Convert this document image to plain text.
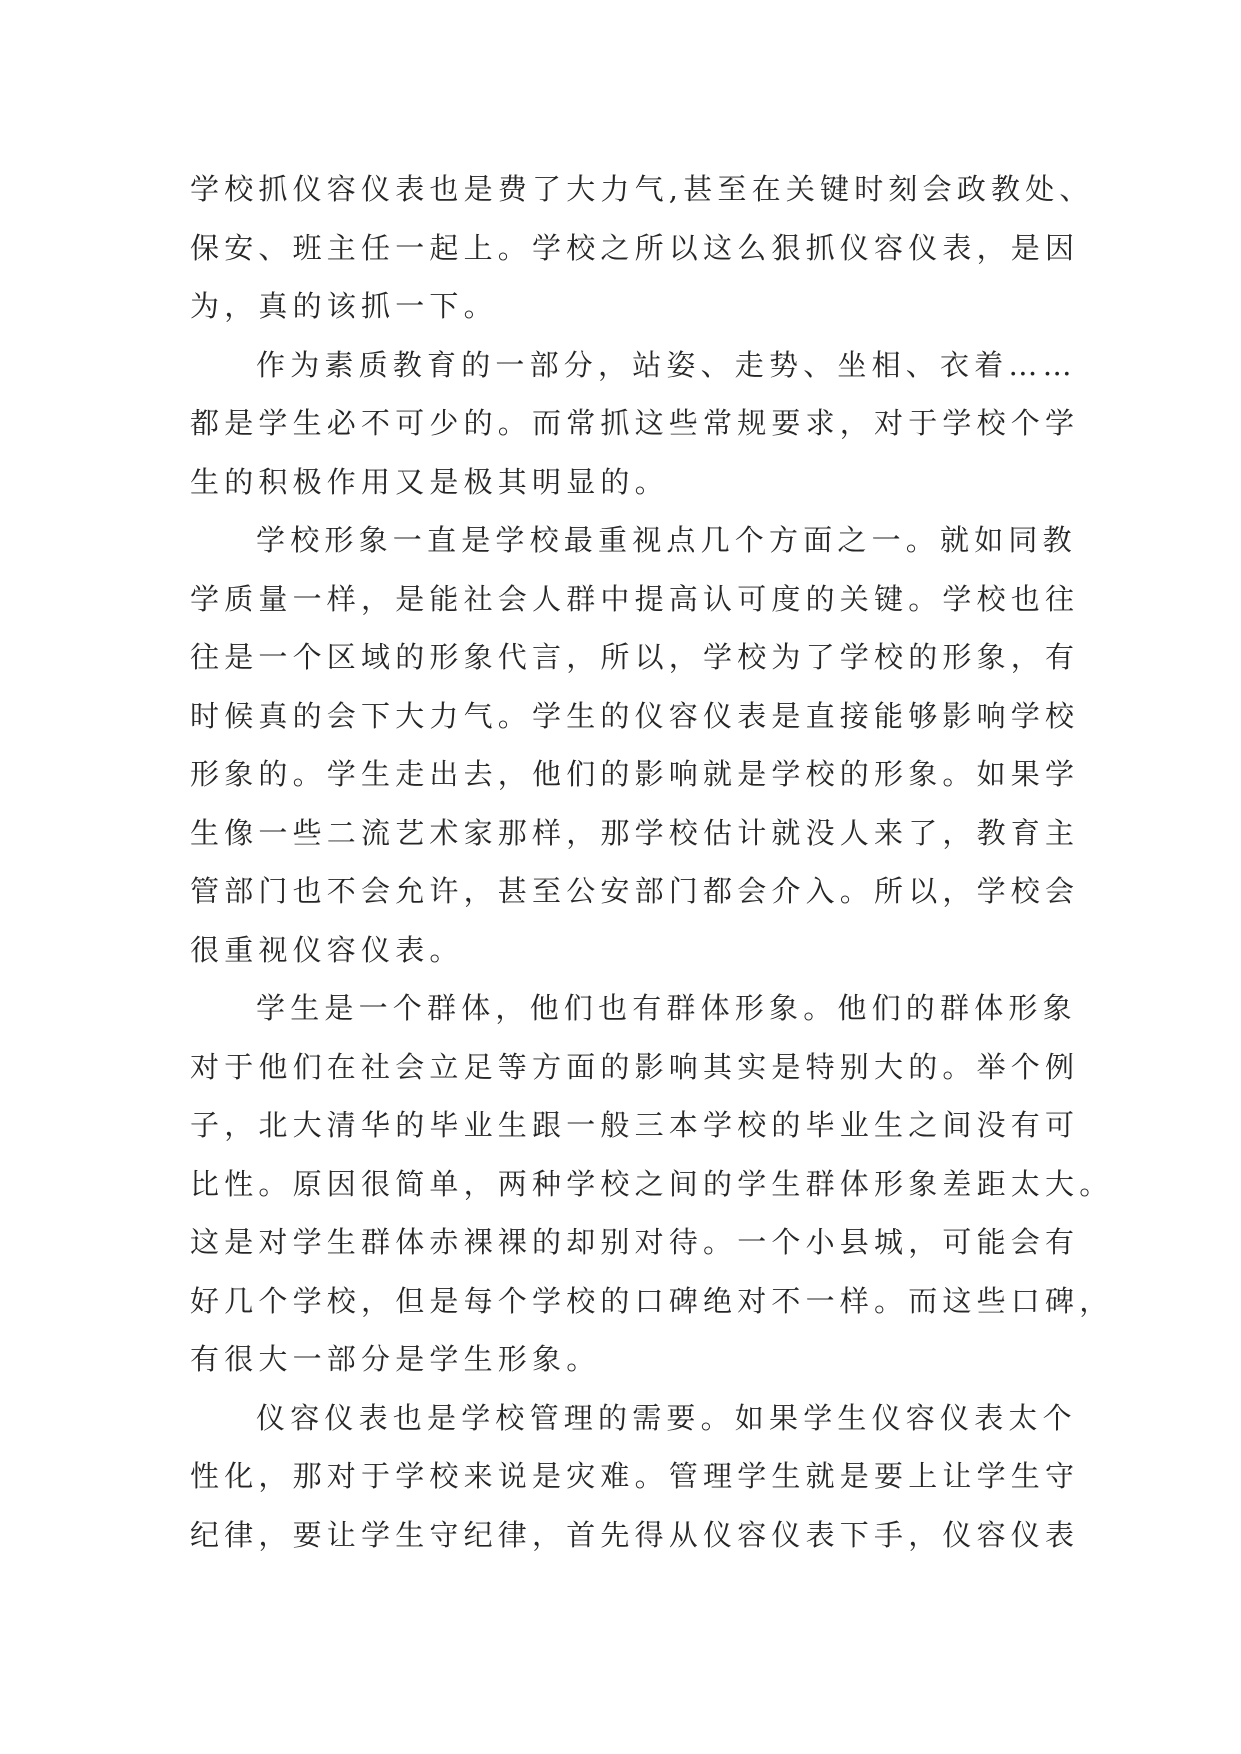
学校抓仪容仪表也是费了大力气,甚至在关键时刻会政教处、
保安、班主任一起上。学校之所以这么狠抓仪容仪表，是因
为，真的该抓一下。
作为素质教育的一部分，站姿、走势、坐相、衣着……
都是学生必不可少的。而常抓这些常规要求，对于学校个学
生的积极作用又是极其明显的。
学校形象一直是学校最重视点几个方面之一。就如同教
学质量一样，是能社会人群中提高认可度的关键。学校也往
往是一个区域的形象代言，所以，学校为了学校的形象，有
时候真的会下大力气。学生的仪容仪表是直接能够影响学校
形象的。学生走出去，他们的影响就是学校的形象。如果学
生像一些二流艺术家那样，那学校估计就没人来了，教育主
管部门也不会允许，甚至公安部门都会介入。所以，学校会
很重视仪容仪表。
学生是一个群体，他们也有群体形象。他们的群体形象
对于他们在社会立足等方面的影响其实是特别大的。举个例
子，北大清华的毕业生跟一般三本学校的毕业生之间没有可
比性。原因很简单，两种学校之间的学生群体形象差距太大。
这是对学生群体赤裸裸的却别对待。一个小县城，可能会有
好几个学校，但是每个学校的口碑绝对不一样。而这些口碑，
有很大一部分是学生形象。
仪容仪表也是学校管理的需要。如果学生仪容仪表太个
性化，那对于学校来说是灾难。管理学生就是要上让学生守
纪律，要让学生守纪律，首先得从仪容仪表下手，仪容仪表
